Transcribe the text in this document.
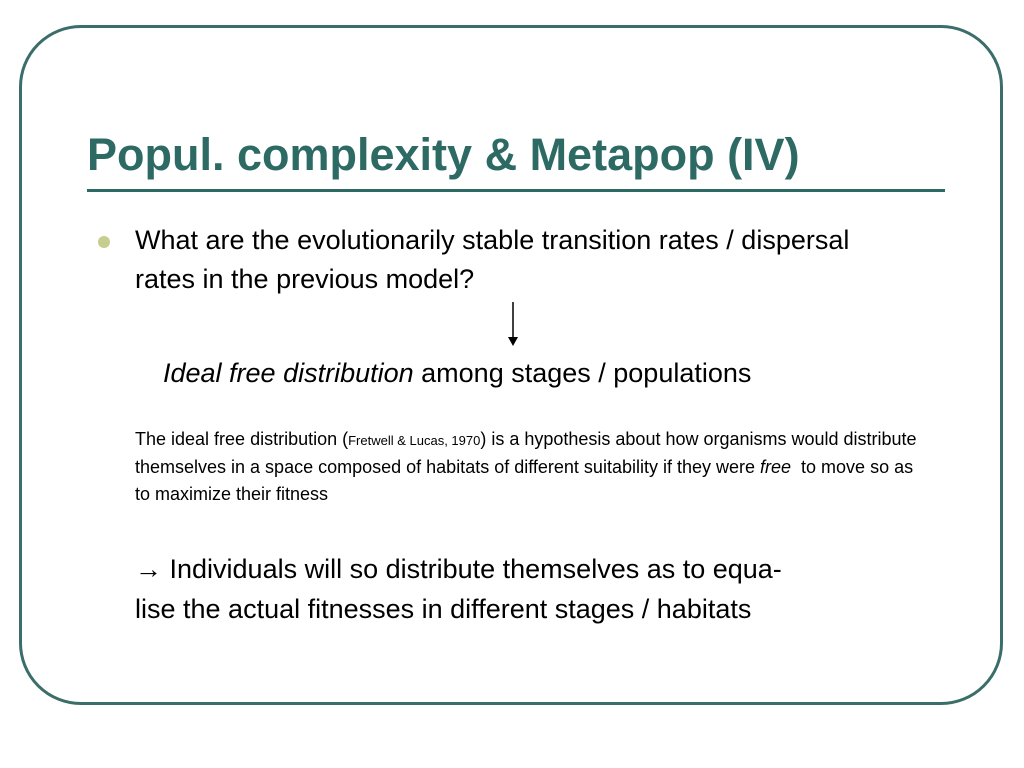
Popul. complexity & Metapop (IV)

What are the evolutionarily stable transition rates / dispersal rates in the previous model?

Ideal free distribution among stages / populations

The ideal free distribution (Fretwell & Lucas, 1970) is a hypothesis about how organisms would distribute themselves in a space composed of habitats of different suitability if they were free  to move so as  to maximize their fitness

→ Individuals will so distribute themselves as to equa-
lise the actual fitnesses in different stages / habitats
